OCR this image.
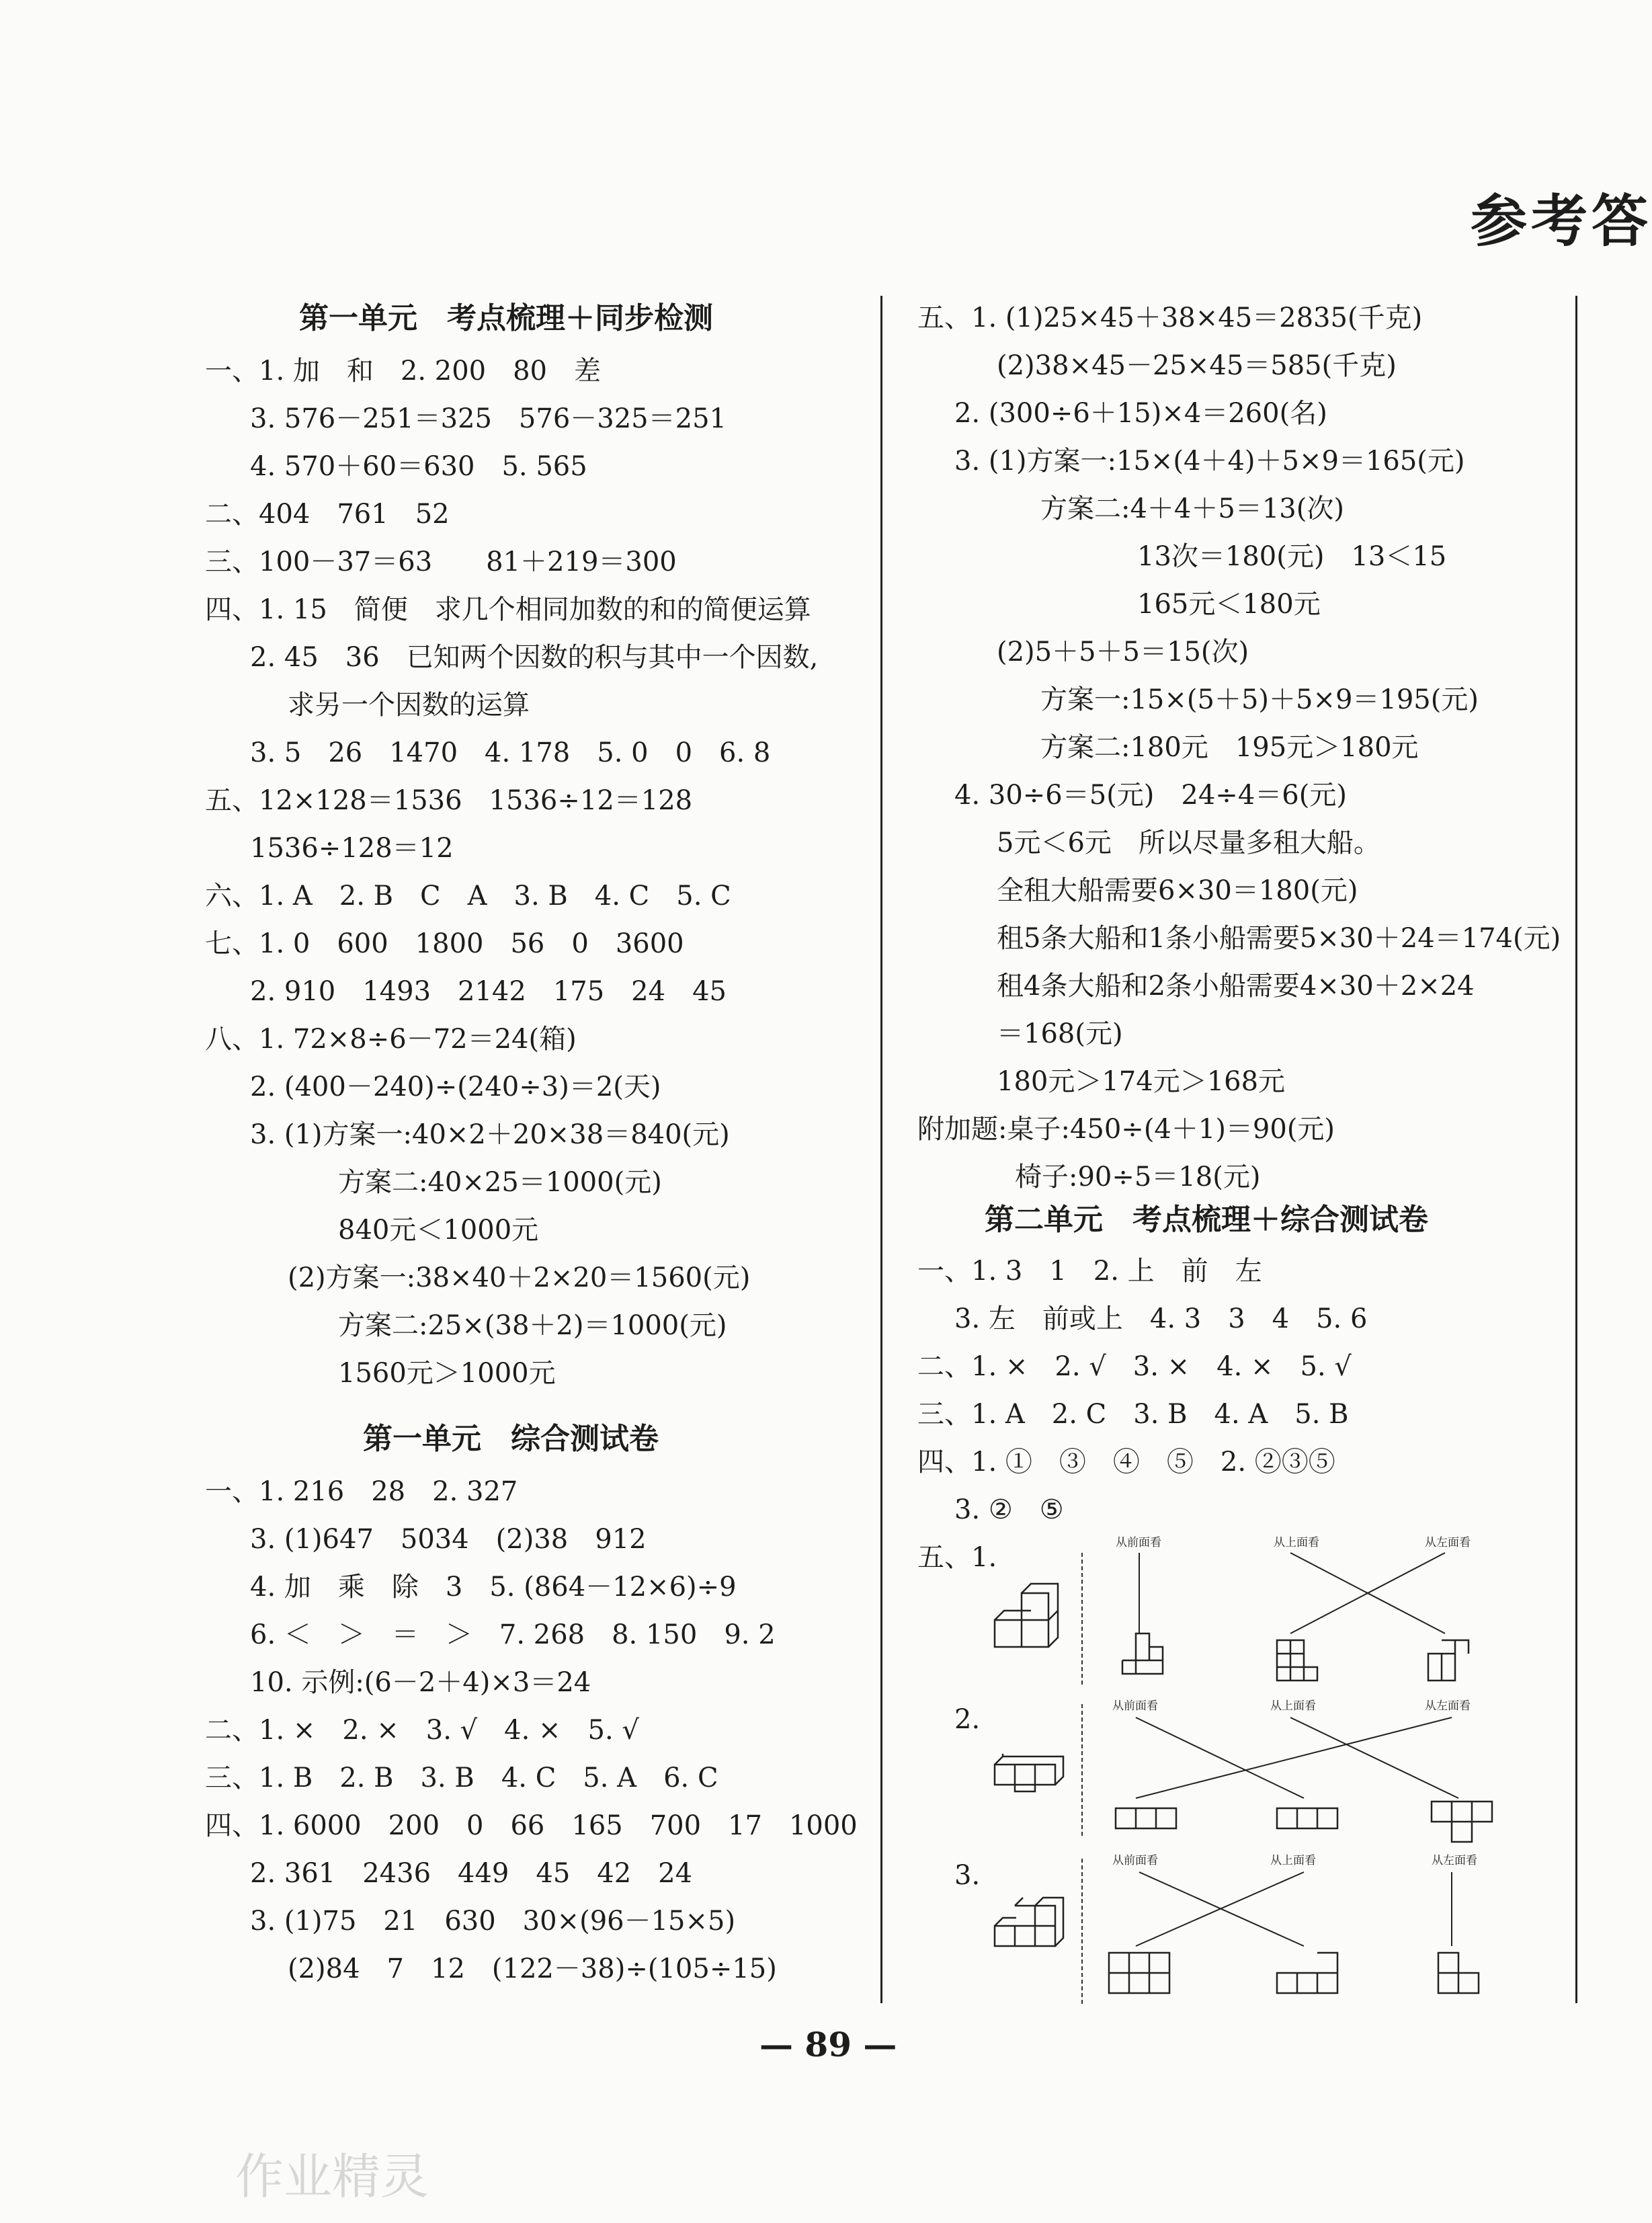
参考答
第一单元　考点梳理＋同步检测
一、1. 加　和　2. 200　80　差
3. 576－251＝325　576－325＝251
4. 570＋60＝630　5. 565
二、404　761　52
三、100－37＝63　　81＋219＝300
四、1. 15　简便　求几个相同加数的和的简便运算
2. 45　36　已知两个因数的积与其中一个因数,
求另一个因数的运算
3. 5　26　1470　4. 178　5. 0　0　6. 8
五、12×128＝1536　1536÷12＝128
1536÷128＝12
六、1. A　2. B　C　A　3. B　4. C　5. C
七、1. 0　600　1800　56　0　3600
2. 910　1493　2142　175　24　45
八、1. 72×8÷6－72＝24(箱)
2. (400－240)÷(240÷3)＝2(天)
3. (1)方案一:40×2＋20×38＝840(元)
方案二:40×25＝1000(元)
840元＜1000元
(2)方案一:38×40＋2×20＝1560(元)
方案二:25×(38＋2)＝1000(元)
1560元＞1000元
第一单元　综合测试卷
一、1. 216　28　2. 327
3. (1)647　5034　(2)38　912
4. 加　乘　除　3　5. (864－12×6)÷9
6. ＜　＞　＝　＞　7. 268　8. 150　9. 2
10. 示例:(6－2＋4)×3＝24
二、1. ×　2. ×　3. √　4. ×　5. √
三、1. B　2. B　3. B　4. C　5. A　6. C
四、1. 6000　200　0　66　165　700　17　1000
2. 361　2436　449　45　42　24
3. (1)75　21　630　30×(96－15×5)
(2)84　7　12　(122－38)÷(105÷15)
五、1. (1)25×45＋38×45＝2835(千克)
(2)38×45－25×45＝585(千克)
2. (300÷6＋15)×4＝260(名)
3. (1)方案一:15×(4＋4)＋5×9＝165(元)
方案二:4＋4＋5＝13(次)
13次＝180(元)　13＜15
165元＜180元
(2)5＋5＋5＝15(次)
方案一:15×(5＋5)＋5×9＝195(元)
方案二:180元　195元＞180元
4. 30÷6＝5(元)　24÷4＝6(元)
5元＜6元　所以尽量多租大船。
全租大船需要6×30＝180(元)
租5条大船和1条小船需要5×30＋24＝174(元)
租4条大船和2条小船需要4×30＋2×24
＝168(元)
180元＞174元＞168元
附加题:桌子:450÷(4＋1)＝90(元)
椅子:90÷5＝18(元)
第二单元　考点梳理＋综合测试卷
一、1. 3　1　2. 上　前　左
3. 左　前或上　4. 3　3　4　5. 6
二、1. ×　2. √　3. ×　4. ×　5. √
三、1. A　2. C　3. B　4. A　5. B
四、1. ①　③　④　⑤　2. ②③⑤
3. ②　⑤
五、1.
2.
3.
从前面看	从上面看	从左面看
从前面看	从上面看	从左面看
从前面看	从上面看	从左面看
— 89 —
作业精灵
